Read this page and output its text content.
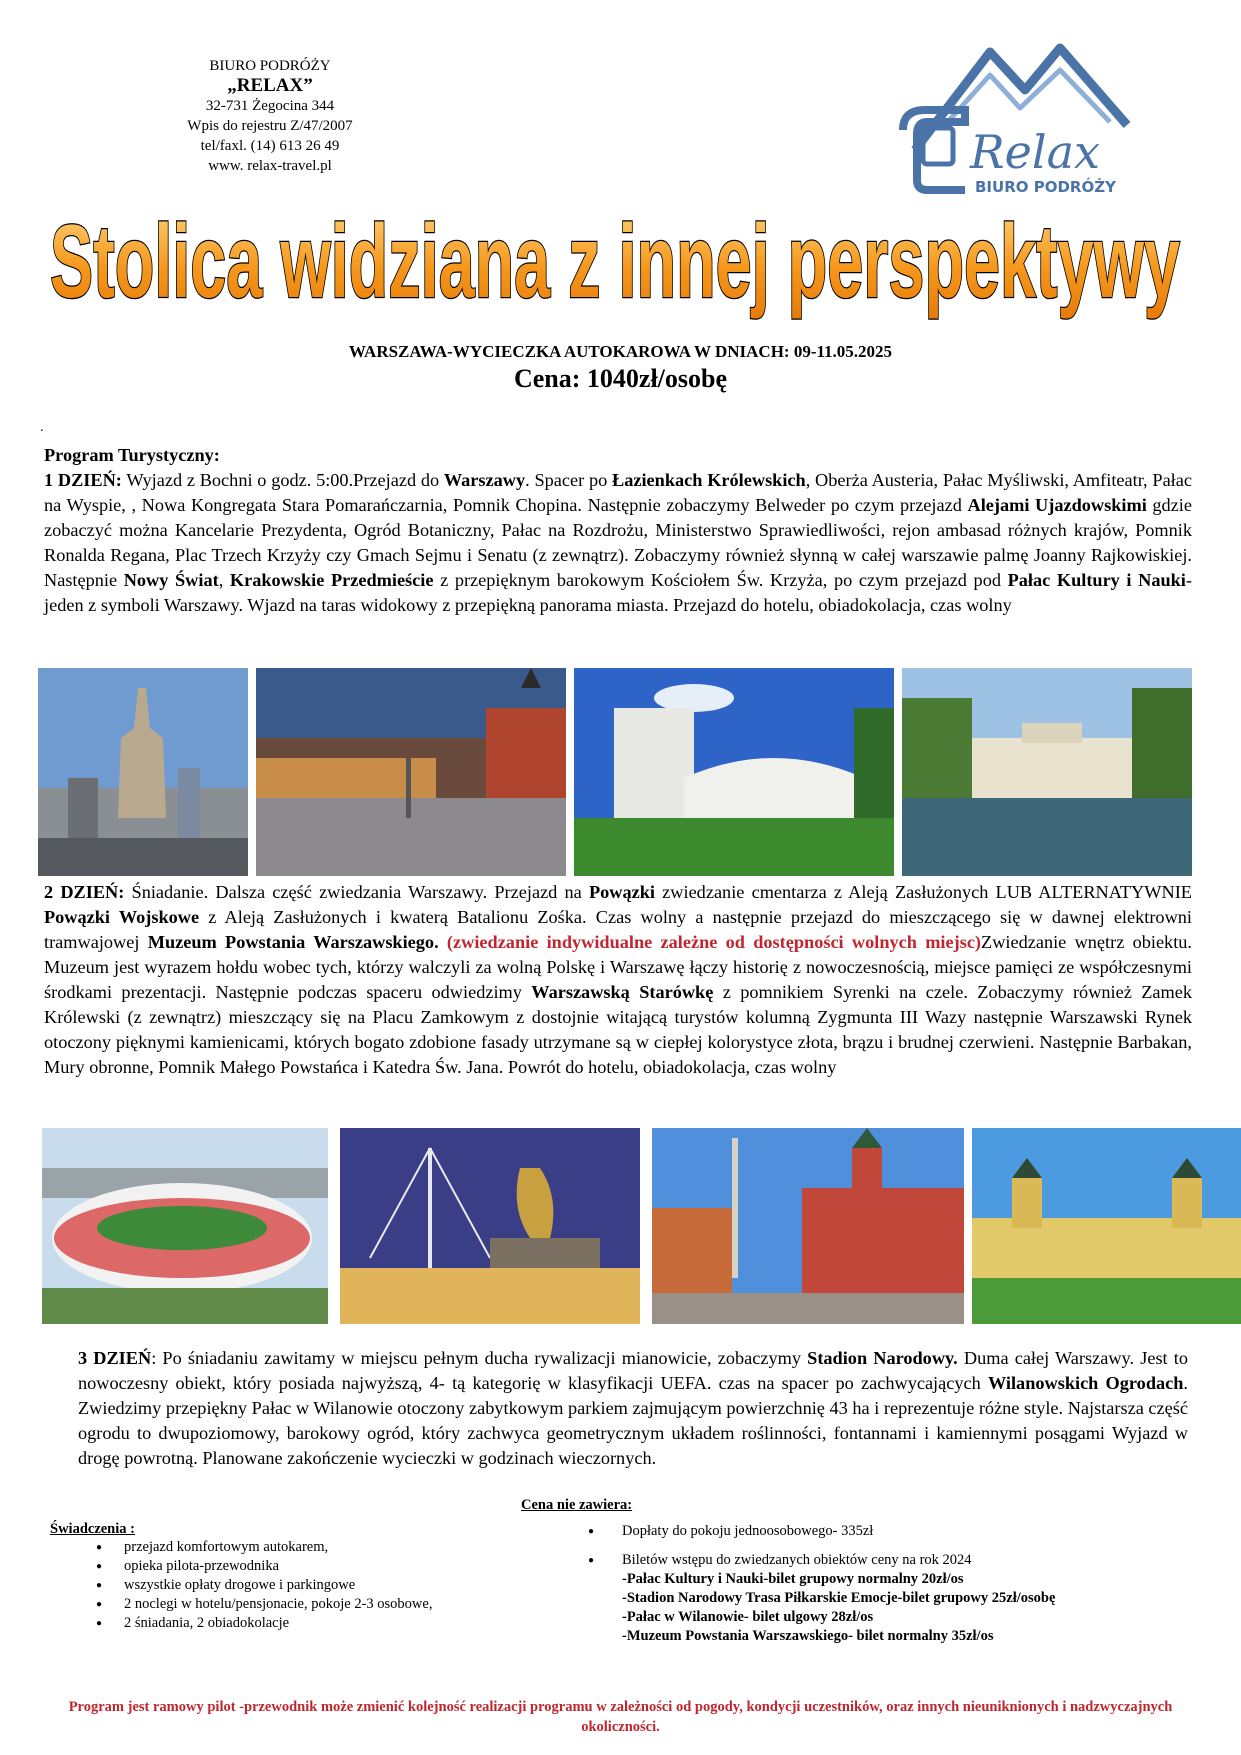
BIURO PODRÓŻY
„RELAX”
32-731 Żegocina 344
Wpis do rejestru Z/47/2007
tel/faxl. (14) 613 26 49
www. relax-travel.pl	Relax
BIURO PODRÓŻY
Stolica widziana z innej perspektywy
WARSZAWA-WYCIECZKA AUTOKAROWA W DNIACH: 09-11.05.2025
Cena: 1040zł/osobę
.
Program Turystyczny:
1 DZIEŃ: Wyjazd z Bochni o godz. 5:00.Przejazd do Warszawy. Spacer po Łazienkach Królewskich, Oberża Austeria, Pałac Myśliwski, Amfiteatr, Pałac na Wyspie, , Nowa Kongregata Stara Pomarańczarnia, Pomnik Chopina. Następnie zobaczymy Belweder po czym przejazd Alejami Ujazdowskimi gdzie zobaczyć można Kancelarie Prezydenta, Ogród Botaniczny, Pałac na Rozdrożu, Ministerstwo Sprawiedliwości, rejon ambasad różnych krajów, Pomnik Ronalda Regana, Plac Trzech Krzyży czy Gmach Sejmu i Senatu (z zewnątrz). Zobaczymy również słynną w całej warszawie palmę Joanny Rajkowiskiej. Następnie Nowy Świat, Krakowskie Przedmieście z przepięknym barokowym Kościołem Św. Krzyża, po czym przejazd pod Pałac Kultury i Nauki-jeden z symboli Warszawy. Wjazd na taras widokowy z przepiękną panorama miasta. Przejazd do hotelu, obiadokolacja, czas wolny
2 DZIEŃ: Śniadanie. Dalsza część zwiedzania Warszawy. Przejazd na Powązki zwiedzanie cmentarza z Aleją Zasłużonych LUB ALTERNATYWNIE Powązki Wojskowe z Aleją Zasłużonych i kwaterą Batalionu Zośka. Czas wolny a następnie przejazd do mieszczącego się w dawnej elektrowni tramwajowej Muzeum Powstania Warszawskiego. (zwiedzanie indywidualne zależne od dostępności wolnych miejsc)Zwiedzanie wnętrz obiektu. Muzeum jest wyrazem hołdu wobec tych, którzy walczyli za wolną Polskę i Warszawę łączy historię z nowoczesnością, miejsce pamięci ze współczesnymi środkami prezentacji. Następnie podczas spaceru odwiedzimy Warszawską Starówkę z pomnikiem Syrenki na czele. Zobaczymy również Zamek Królewski (z zewnątrz) mieszczący się na Placu Zamkowym z dostojnie witającą turystów kolumną Zygmunta III Wazy następnie Warszawski Rynek otoczony pięknymi kamienicami, których bogato zdobione fasady utrzymane są w ciepłej kolorystyce złota, brązu i brudnej czerwieni. Następnie Barbakan, Mury obronne, Pomnik Małego Powstańca i Katedra Św. Jana. Powrót do hotelu, obiadokolacja, czas wolny
3 DZIEŃ: Po śniadaniu zawitamy w miejscu pełnym ducha rywalizacji mianowicie, zobaczymy Stadion Narodowy. Duma całej Warszawy. Jest to nowoczesny obiekt, który posiada najwyższą, 4- tą kategorię w klasyfikacji UEFA. czas na spacer po zachwycających Wilanowskich Ogrodach. Zwiedzimy przepiękny Pałac w Wilanowie otoczony zabytkowym parkiem zajmującym powierzchnię 43 ha i reprezentuje różne style. Najstarsza część ogrodu to dwupoziomowy, barokowy ogród, który zachwyca geometrycznym układem roślinności, fontannami i kamiennymi posągami Wyjazd w drogę powrotną. Planowane zakończenie wycieczki w godzinach wieczornych.
Świadczenia :
● przejazd komfortowym autokarem,
● opieka pilota-przewodnika
● wszystkie opłaty drogowe i parkingowe
● 2 noclegi w hotelu/pensjonacie, pokoje 2-3 osobowe,
● 2 śniadania, 2 obiadokolacje
Cena nie zawiera:
● Dopłaty do pokoju jednoosobowego- 335zł
● Biletów wstępu do zwiedzanych obiektów ceny na rok 2024
-Pałac Kultury i Nauki-bilet grupowy normalny 20zł/os
-Stadion Narodowy Trasa Piłkarskie Emocje-bilet grupowy 25zł/osobę
-Pałac w Wilanowie- bilet ulgowy 28zł/os
-Muzeum Powstania Warszawskiego- bilet normalny 35zł/os
Program jest ramowy pilot -przewodnik może zmienić kolejność realizacji programu w zależności od pogody, kondycji uczestników, oraz innych nieuniknionych i nadzwyczajnych okoliczności.
